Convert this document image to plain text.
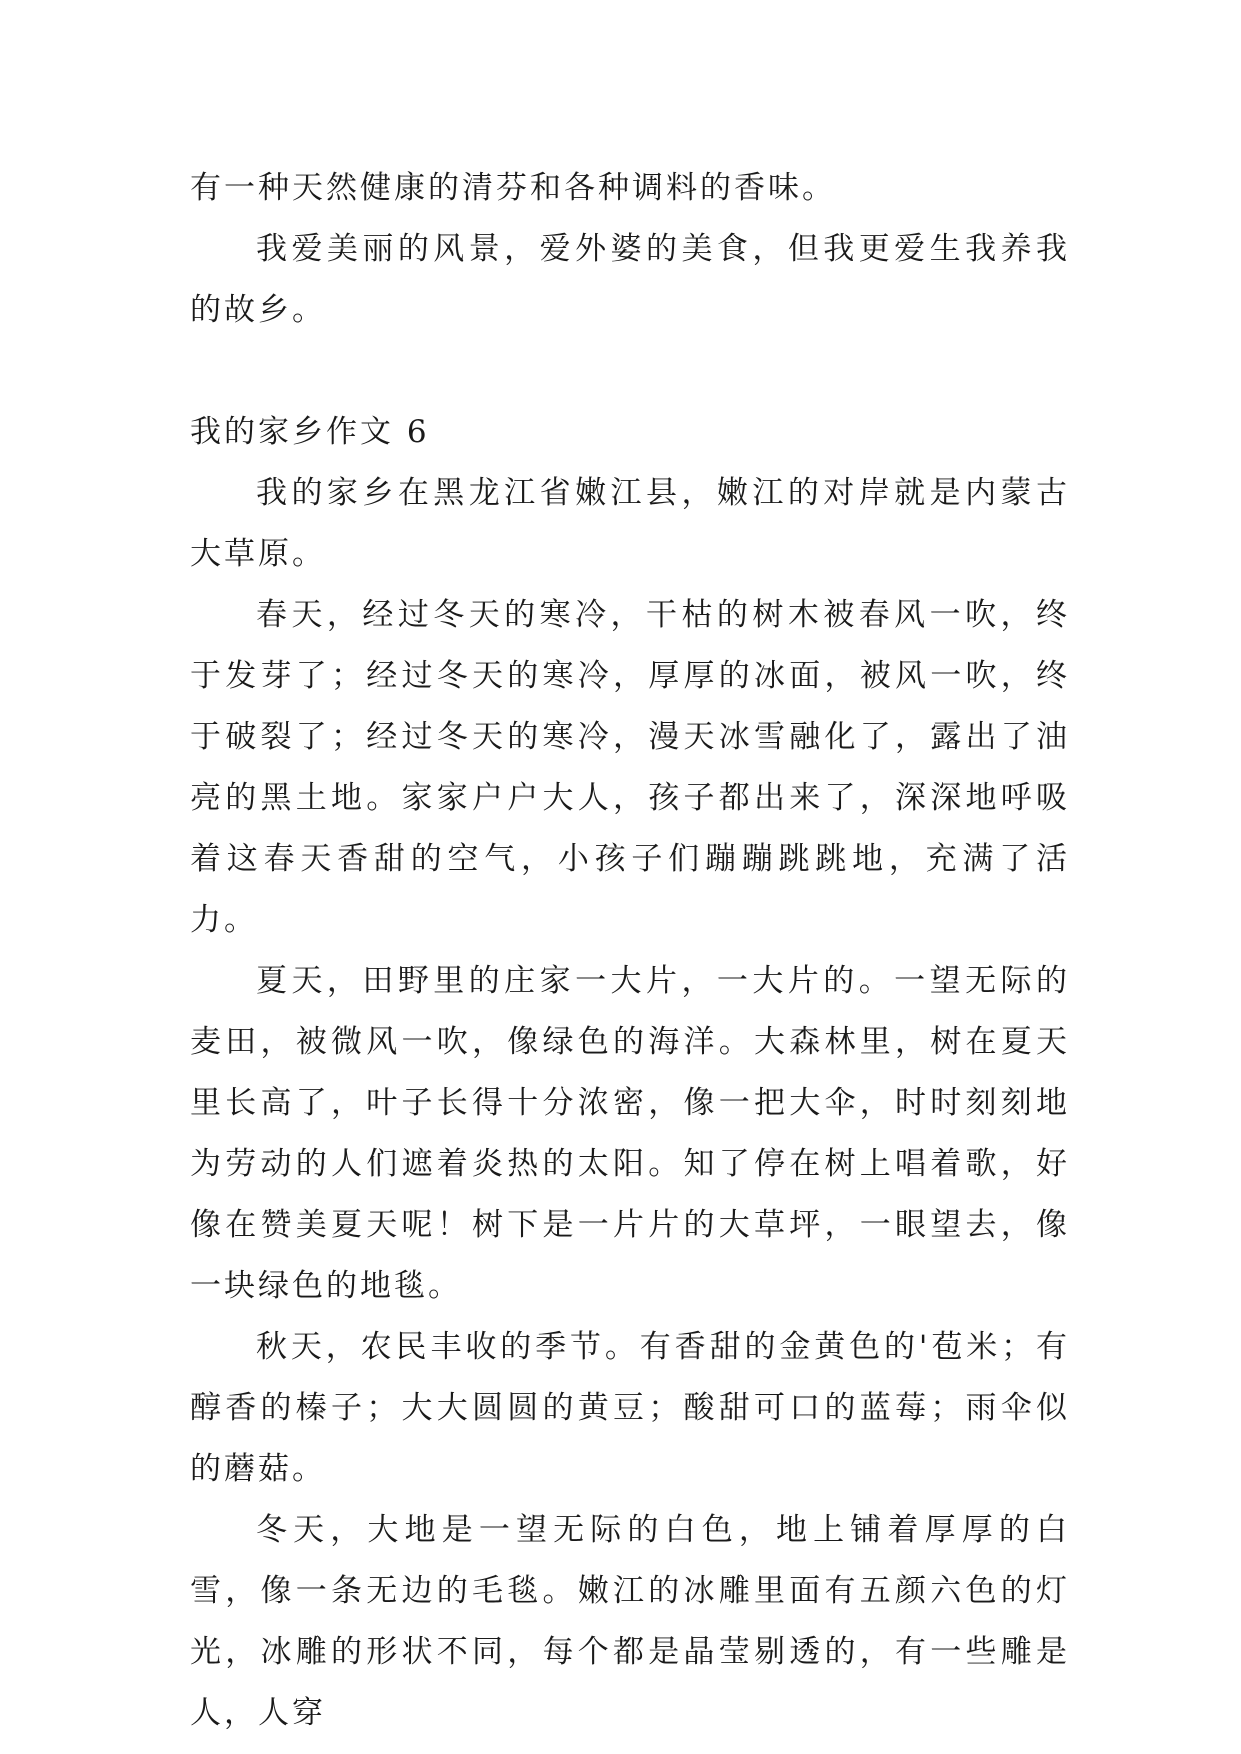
有一种天然健康的清芬和各种调料的香味。

我爱美丽的风景，爱外婆的美食，但我更爱生我养我的故乡。

我的家乡作文 6

我的家乡在黑龙江省嫩江县，嫩江的对岸就是内蒙古大草原。

春天，经过冬天的寒冷，干枯的树木被春风一吹，终于发芽了；经过冬天的寒冷，厚厚的冰面，被风一吹，终于破裂了；经过冬天的寒冷，漫天冰雪融化了，露出了油亮的黑土地。家家户户大人，孩子都出来了，深深地呼吸着这春天香甜的空气，小孩子们蹦蹦跳跳地，充满了活力。

夏天，田野里的庄家一大片，一大片的。一望无际的麦田，被微风一吹，像绿色的海洋。大森林里，树在夏天里长高了，叶子长得十分浓密，像一把大伞，时时刻刻地为劳动的人们遮着炎热的太阳。知了停在树上唱着歌，好像在赞美夏天呢！树下是一片片的大草坪，一眼望去，像一块绿色的地毯。

秋天，农民丰收的季节。有香甜的金黄色的'苞米；有醇香的榛子；大大圆圆的黄豆；酸甜可口的蓝莓；雨伞似的蘑菇。

冬天，大地是一望无际的白色，地上铺着厚厚的白雪，像一条无边的毛毯。嫩江的冰雕里面有五颜六色的灯光，冰雕的形状不同，每个都是晶莹剔透的，有一些雕是人，人穿
